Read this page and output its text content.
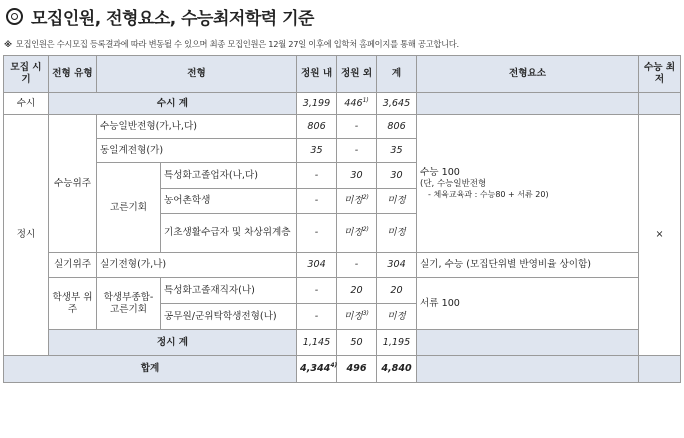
모집인원, 전형요소, 수능최저학력 기준
※ 모집인원은 수시모집 등록결과에 따라 변동될 수 있으며 최종 모집인원은 12월 27일 이후에 입학처 홈페이지를 통해 공고합니다.
모집 시기	전형 유형	전형		정원 내	정원 외	계	전형요소	수능 최저
수시	수시 계			3,199	446$^{1)}$	3,645		
정시	수능위주	수능일반전형(가,나,다)		806	-	806	수능 100
(단, 수능일반전형
- 체육교육과 : 수능80 + 서류 20)	×
		동일계전형(가)		35	-	35		
		고른기회	특성화고졸업자(나,다)	-	30	30		
			농어촌학생	-	미정$^{2)}$	미정		
			기초생활수급자 및 차상위계층	-	미정$^{2)}$	미정		
	실기위주	실기전형(가,나)		304	-	304	실기, 수능 (모집단위별 반영비율 상이함)	
	학생부 위주	학생부종합- 고른기회	특성화고졸재직자(나)	-	20	20	서류 100	
			공무원/군위탁학생전형(나)	-	미정$^{3)}$	미정		
	정시 계			1,145	50	1,195		
합계				4,344$^{4)}$	496	4,840		
